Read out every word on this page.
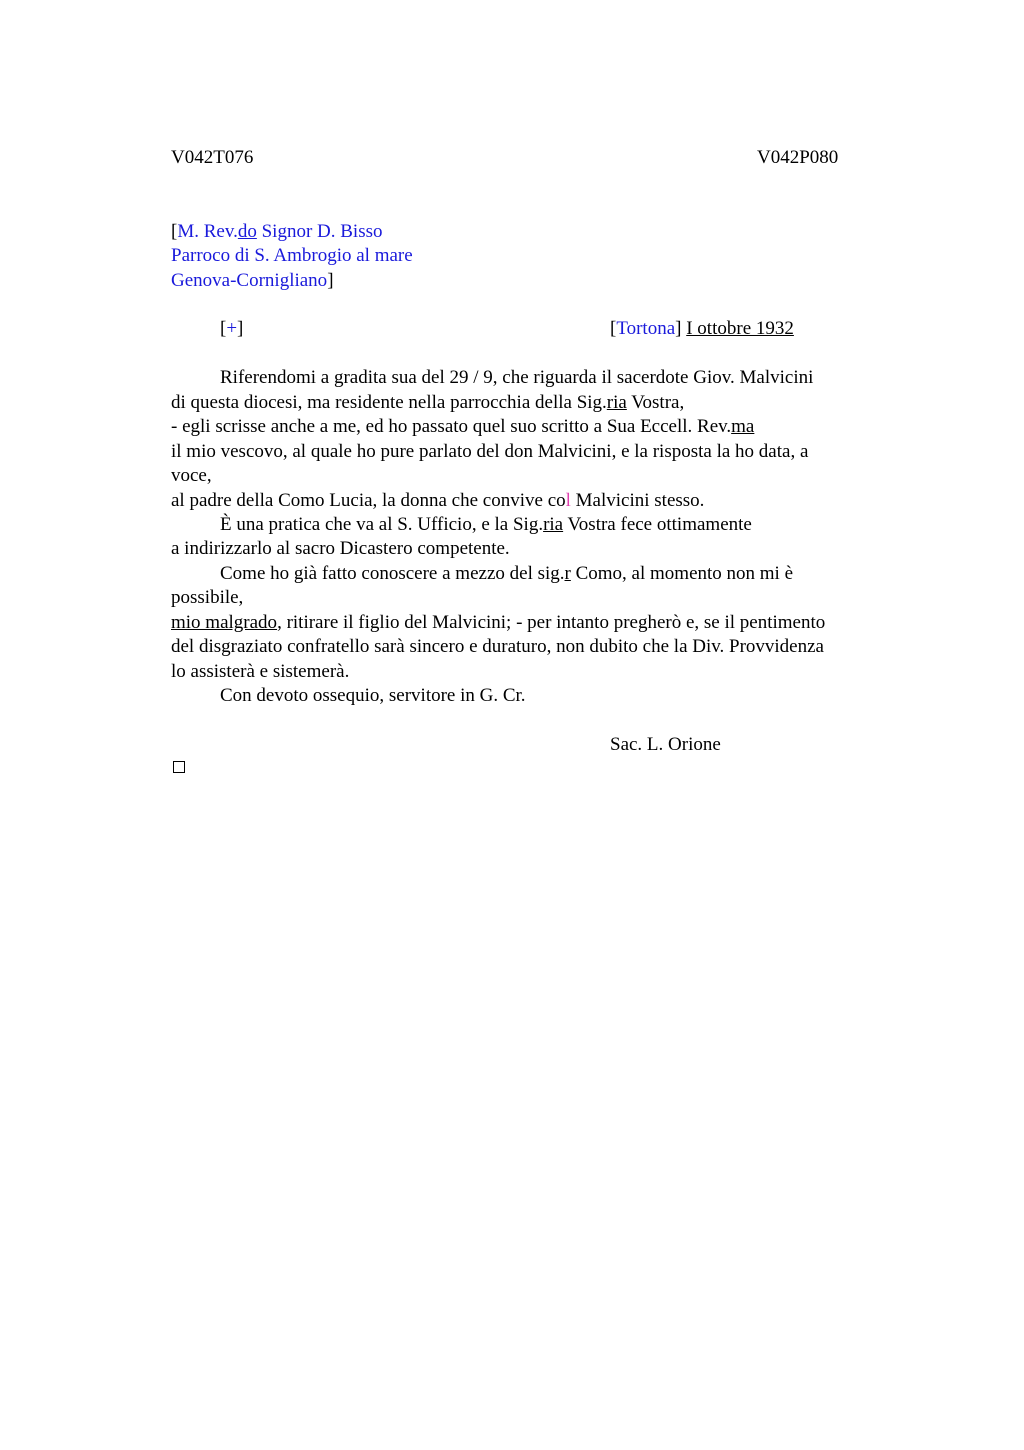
V042T076	V042P080
[M. Rev.do Signor D. Bisso
Parroco di S. Ambrogio al mare
Genova-Cornigliano]
[+]	[Tortona] I ottobre 1932
Riferendomi a gradita sua del 29 / 9, che riguarda il sacerdote Giov. Malvicini
di questa diocesi, ma residente nella parrocchia della Sig.ria Vostra,
- egli scrisse anche a me, ed ho passato quel suo scritto a Sua Eccell. Rev.ma
il mio vescovo, al quale ho pure parlato del don Malvicini, e la risposta la ho data, a
voce,
al padre della Como Lucia, la donna che convive col Malvicini stesso.
È una pratica che va al S. Ufficio, e la Sig.ria Vostra fece ottimamente
a indirizzarlo al sacro Dicastero competente.
Come ho già fatto conoscere a mezzo del sig.r Como, al momento non mi è
possibile,
mio malgrado, ritirare il figlio del Malvicini; - per intanto pregherò e, se il pentimento
del disgraziato confratello sarà sincero e duraturo, non dubito che la Div. Provvidenza
lo assisterà e sistemerà.
Con devoto ossequio, servitore in G. Cr.
Sac. L. Orione
